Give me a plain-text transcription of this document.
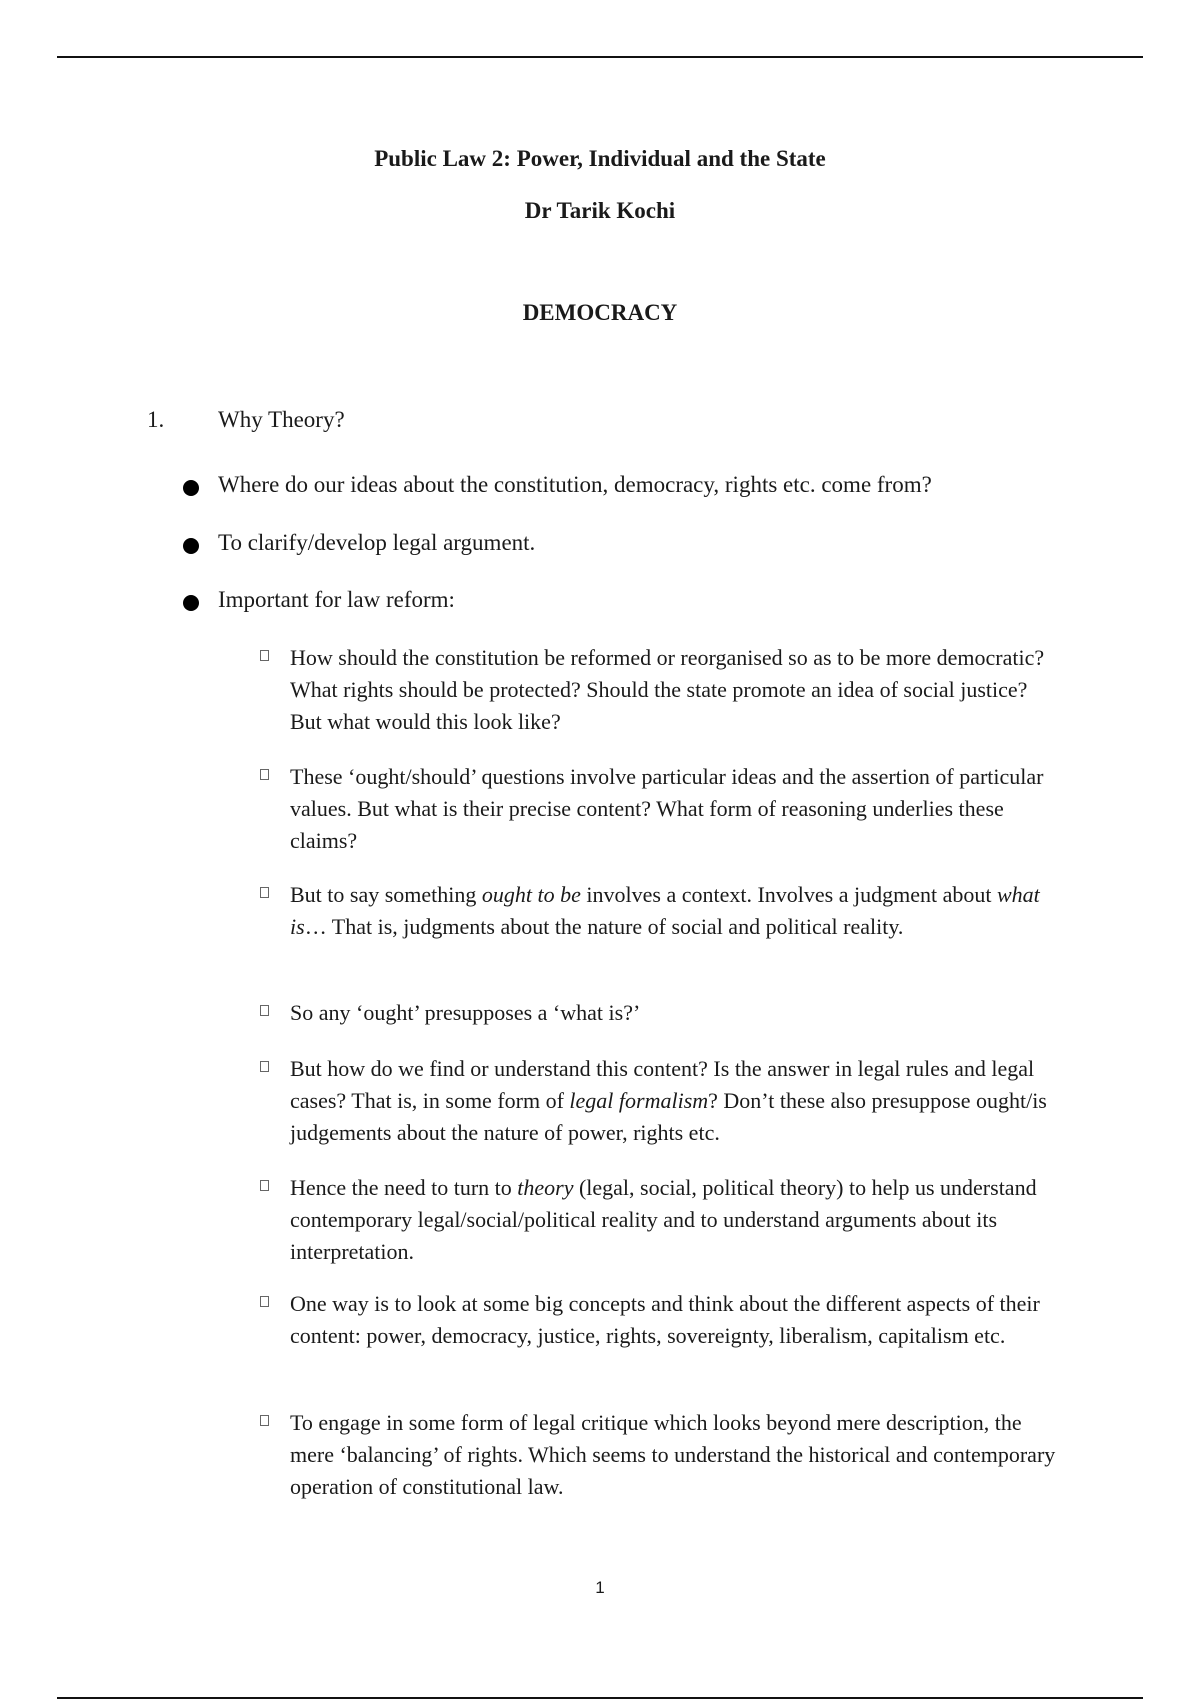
Public Law 2: Power, Individual and the State
Dr Tarik Kochi
DEMOCRACY
1. Why Theory?
Where do our ideas about the constitution, democracy, rights etc. come from?
To clarify/develop legal argument.
Important for law reform:
How should the constitution be reformed or reorganised so as to be more democratic? What rights should be protected? Should the state promote an idea of social justice? But what would this look like?
These ‘ought/should’ questions involve particular ideas and the assertion of particular values. But what is their precise content? What form of reasoning underlies these claims?
But to say something ought to be involves a context. Involves a judgment about what is… That is, judgments about the nature of social and political reality.
So any ‘ought’ presupposes a ‘what is?’
But how do we find or understand this content? Is the answer in legal rules and legal cases? That is, in some form of legal formalism? Don’t these also presuppose ought/is judgements about the nature of power, rights etc.
Hence the need to turn to theory (legal, social, political theory) to help us understand contemporary legal/social/political reality and to understand arguments about its interpretation.
One way is to look at some big concepts and think about the different aspects of their content: power, democracy, justice, rights, sovereignty, liberalism, capitalism etc.
To engage in some form of legal critique which looks beyond mere description, the mere ‘balancing’ of rights. Which seems to understand the historical and contemporary operation of constitutional law.
1
